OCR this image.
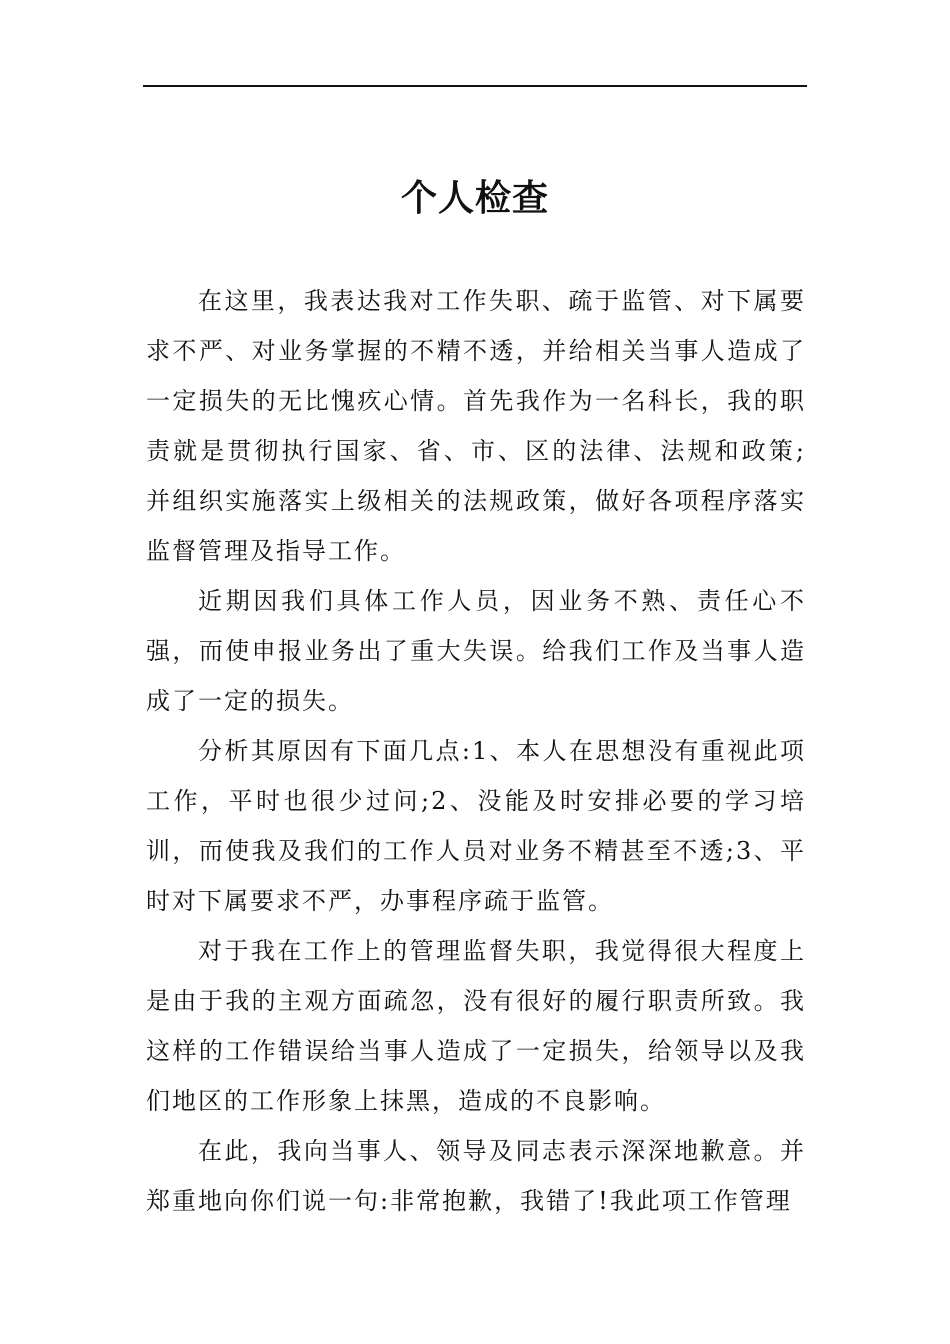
个人检查

在这里，我表达我对工作失职、疏于监管、对下属要求不严、对业务掌握的不精不透，并给相关当事人造成了一定损失的无比愧疚心情。首先我作为一名科长，我的职责就是贯彻执行国家、省、市、区的法律、法规和政策;并组织实施落实上级相关的法规政策，做好各项程序落实监督管理及指导工作。

近期因我们具体工作人员，因业务不熟、责任心不强，而使申报业务出了重大失误。给我们工作及当事人造成了一定的损失。

分析其原因有下面几点:1、本人在思想没有重视此项工作，平时也很少过问;2、没能及时安排必要的学习培训，而使我及我们的工作人员对业务不精甚至不透;3、平时对下属要求不严，办事程序疏于监管。

对于我在工作上的管理监督失职，我觉得很大程度上是由于我的主观方面疏忽，没有很好的履行职责所致。我这样的工作错误给当事人造成了一定损失，给领导以及我们地区的工作形象上抹黑，造成的不良影响。

在此，我向当事人、领导及同志表示深深地歉意。并郑重地向你们说一句:非常抱歉，我错了!我此项工作管理
